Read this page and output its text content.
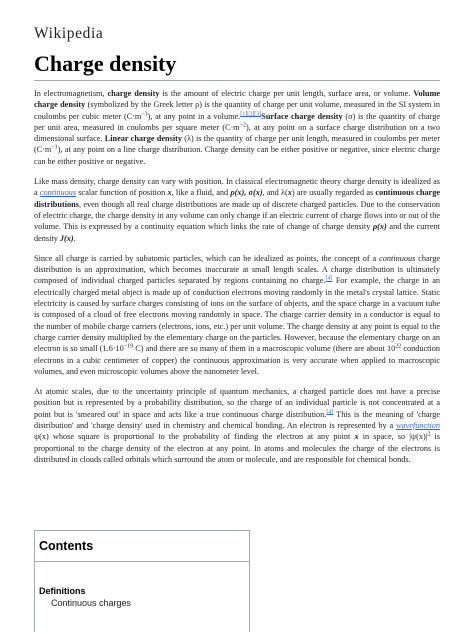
Wikipedia
Charge density

In electromagnetism, charge density is the amount of electric charge per unit length, surface area, or volume. Volume charge density (symbolized by the Greek letter ρ) is the quantity of charge per unit volume, measured in the SI system in coulombs per cubic meter $(C\cdot m^{-3})$, at any point in a volume.[1][2][3]Surface charge density (σ) is the quantity of charge per unit area, measured in coulombs per square meter $(C\cdot m^{-2})$, at any point on a surface charge distribution on a two dimensional surface. Linear charge density (λ) is the quantity of charge per unit length, measured in coulombs per meter $(C\cdot m^{-1})$, at any point on a line charge distribution. Charge density can be either positive or negative, since electric charge can be either positive or negative.

Like mass density, charge density can vary with position. In classical electromagnetic theory charge density is idealized as a continuous scalar function of position x, like a fluid, and ρ(x), σ(x), and λ(x) are usually regarded as continuous charge distributions, even though all real charge distributions are made up of discrete charged particles. Due to the conservation of electric charge, the charge density in any volume can only change if an electric current of charge flows into or out of the volume. This is expressed by a continuity equation which links the rate of change of charge density ρ(x) and the current density J(x).

Since all charge is carried by subatomic particles, which can be idealized as points, the concept of a continuous charge distribution is an approximation, which becomes inaccurate at small length scales. A charge distribution is ultimately composed of individual charged particles separated by regions containing no charge.[4] For example, the charge in an electrically charged metal object is made up of conduction electrons moving randomly in the metal's crystal lattice. Static electricity is caused by surface charges consisting of ions on the surface of objects, and the space charge in a vacuum tube is composed of a cloud of free electrons moving randomly in space. The charge carrier density in a conductor is equal to the number of mobile charge carriers (electrons, ions, etc.) per unit volume. The charge density at any point is equal to the charge carrier density multiplied by the elementary charge on the particles. However, because the elementary charge on an electron is so small ($1.6\cdot 10^{-19}$ C) and there are so many of them in a macroscopic volume (there are about $10^{22}$ conduction electrons in a cubic centimeter of copper) the continuous approximation is very accurate when applied to macroscopic volumes, and even microscopic volumes above the nanometer level.

At atomic scales, due to the uncertainty principle of quantum mechanics, a charged particle does not have a precise position but is represented by a probability distribution, so the charge of an individual particle is not concentrated at a point but is 'smeared out' in space and acts like a true continuous charge distribution.[4] This is the meaning of 'charge distribution' and 'charge density' used in chemistry and chemical bonding. An electron is represented by a wavefunction ψ(x) whose square is proportional to the probability of finding the electron at any point x in space, so $|\psi(x)|^2$ is proportional to the charge density of the electron at any point. In atoms and molecules the charge of the electrons is distributed in clouds called orbitals which surround the atom or molecule, and are responsible for chemical bonds.

Contents
Definitions
Continuous charges
